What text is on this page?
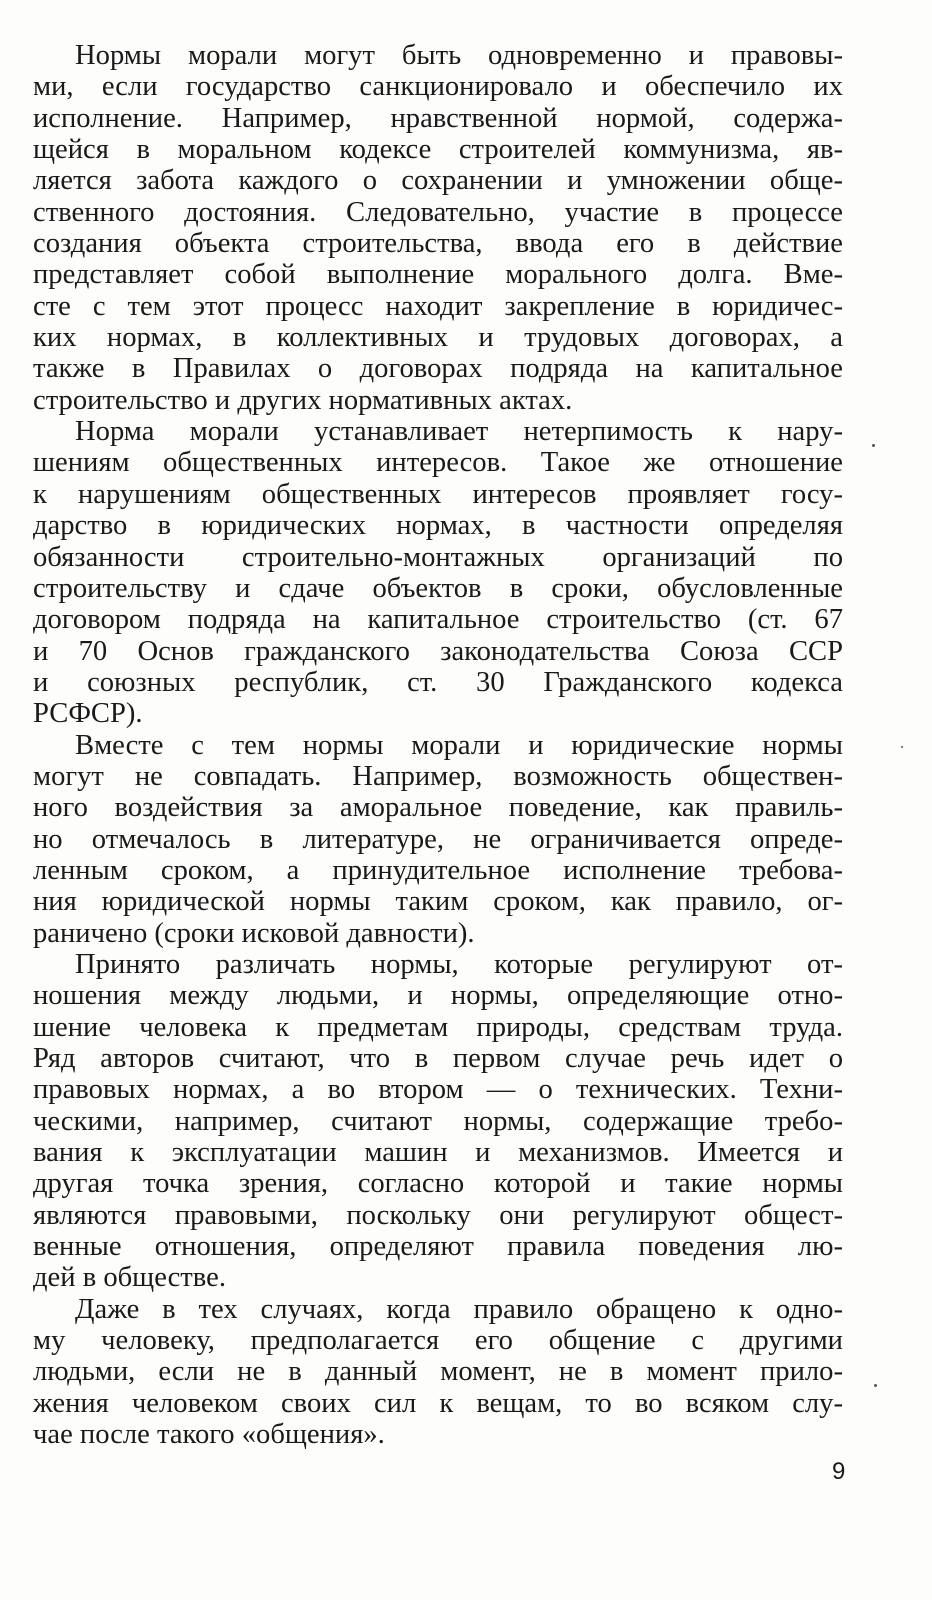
Нормы морали могут быть одновременно и правовы-
ми, если государство санкционировало и обеспечило их
исполнение. Например, нравственной нормой, содержа-
щейся в моральном кодексе строителей коммунизма, яв-
ляется забота каждого о сохранении и умножении обще-
ственного достояния. Следовательно, участие в процессе
создания объекта строительства, ввода его в действие
представляет собой выполнение морального долга. Вме-
сте с тем этот процесс находит закрепление в юридичес-
ких нормах, в коллективных и трудовых договорах, а
также в Правилах о договорах подряда на капитальное
строительство и других нормативных актах.
Норма морали устанавливает нетерпимость к нару-
шениям общественных интересов. Такое же отношение
к нарушениям общественных интересов проявляет госу-
дарство в юридических нормах, в частности определяя
обязанности строительно-монтажных организаций по
строительству и сдаче объектов в сроки, обусловленные
договором подряда на капитальное строительство (ст. 67
и 70 Основ гражданского законодательства Союза ССР
и союзных республик, ст. 30 Гражданского кодекса
РСФСР).
Вместе с тем нормы морали и юридические нормы
могут не совпадать. Например, возможность обществен-
ного воздействия за аморальное поведение, как правиль-
но отмечалось в литературе, не ограничивается опреде-
ленным сроком, а принудительное исполнение требова-
ния юридической нормы таким сроком, как правило, ог-
раничено (сроки исковой давности).
Принято различать нормы, которые регулируют от-
ношения между людьми, и нормы, определяющие отно-
шение человека к предметам природы, средствам труда.
Ряд авторов считают, что в первом случае речь идет о
правовых нормах, а во втором — о технических. Техни-
ческими, например, считают нормы, содержащие требо-
вания к эксплуатации машин и механизмов. Имеется и
другая точка зрения, согласно которой и такие нормы
являются правовыми, поскольку они регулируют общест-
венные отношения, определяют правила поведения лю-
дей в обществе.
Даже в тех случаях, когда правило обращено к одно-
му человеку, предполагается его общение с другими
людьми, если не в данный момент, не в момент прило-
жения человеком своих сил к вещам, то во всяком слу-
чае после такого «общения».
9
